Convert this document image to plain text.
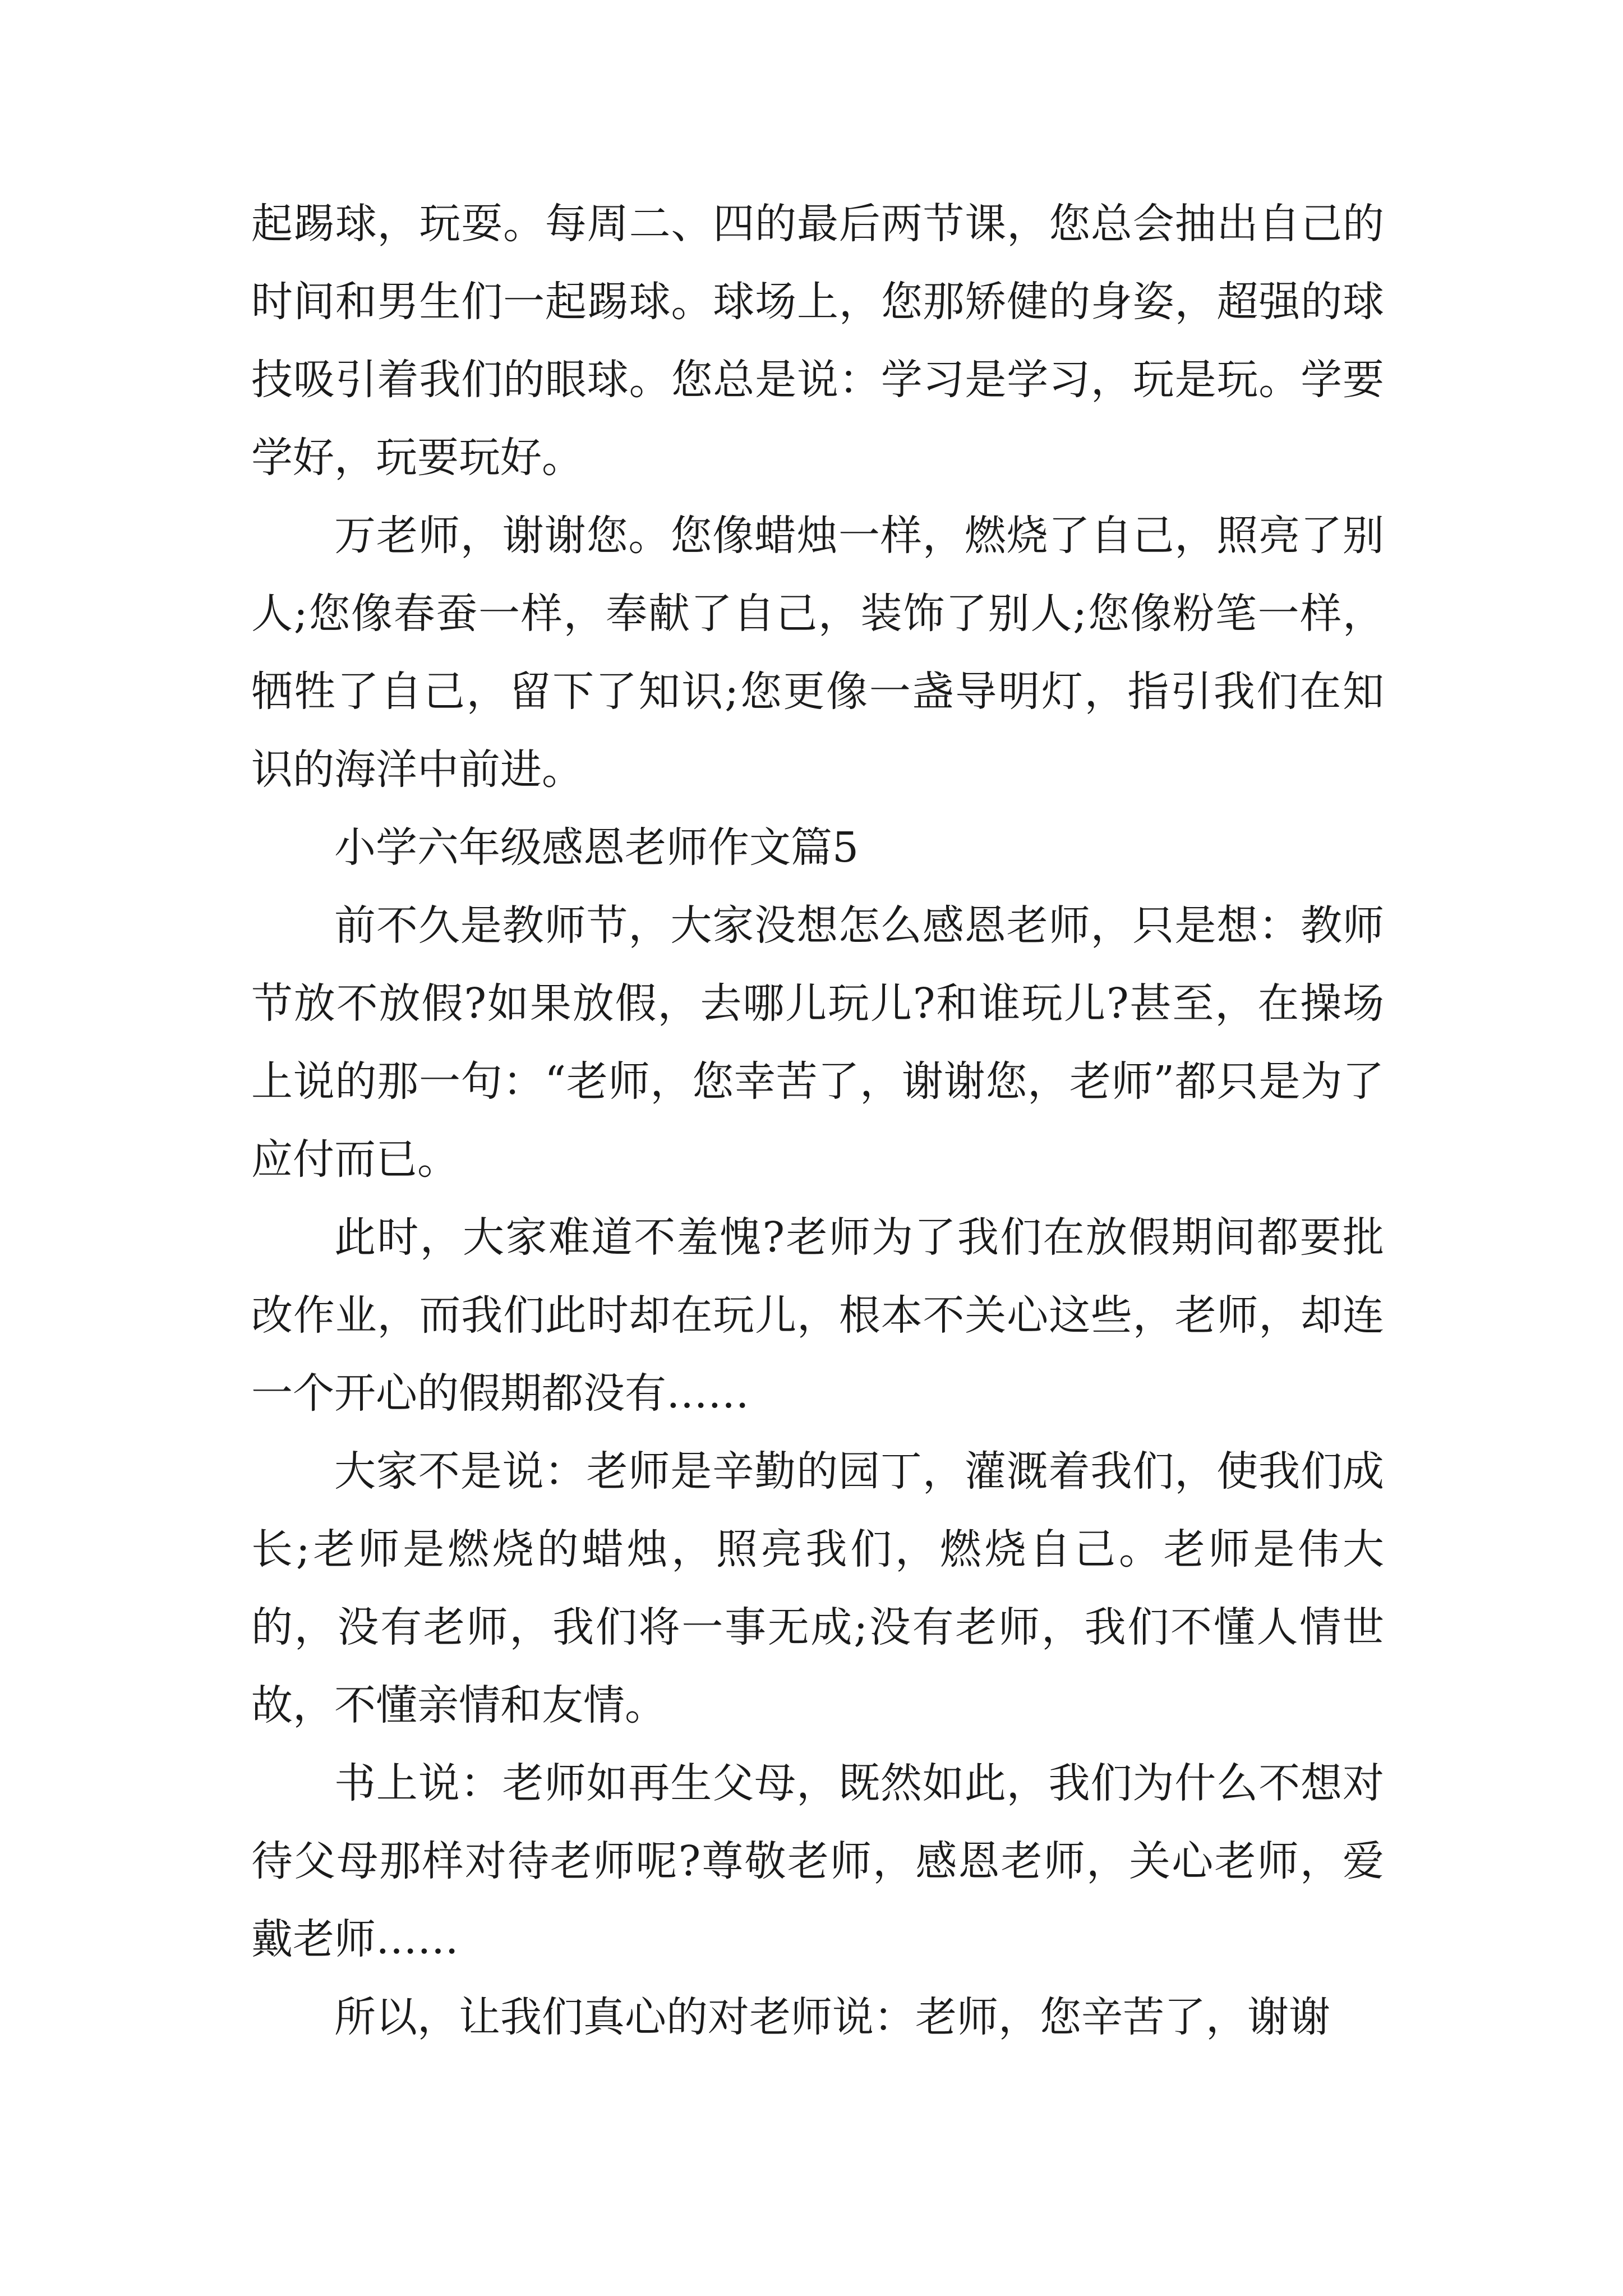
起踢球，玩耍。每周二、四的最后两节课，您总会抽出自己的时间和男生们一起踢球。球场上，您那矫健的身姿，超强的球技吸引着我们的眼球。您总是说：学习是学习，玩是玩。学要学好，玩要玩好。

万老师，谢谢您。您像蜡烛一样，燃烧了自己，照亮了别人;您像春蚕一样，奉献了自己，装饰了别人;您像粉笔一样，牺牲了自己，留下了知识;您更像一盏导明灯，指引我们在知识的海洋中前进。

小学六年级感恩老师作文篇5

前不久是教师节，大家没想怎么感恩老师，只是想：教师节放不放假?如果放假，去哪儿玩儿?和谁玩儿?甚至，在操场上说的那一句：“老师，您幸苦了，谢谢您，老师”都只是为了应付而已。

此时，大家难道不羞愧?老师为了我们在放假期间都要批改作业，而我们此时却在玩儿，根本不关心这些，老师，却连一个开心的假期都没有……

大家不是说：老师是辛勤的园丁，灌溉着我们，使我们成长;老师是燃烧的蜡烛，照亮我们，燃烧自己。老师是伟大的，没有老师，我们将一事无成;没有老师，我们不懂人情世故，不懂亲情和友情。

书上说：老师如再生父母，既然如此，我们为什么不想对待父母那样对待老师呢?尊敬老师，感恩老师，关心老师，爱戴老师……

所以，让我们真心的对老师说：老师，您辛苦了，谢谢
